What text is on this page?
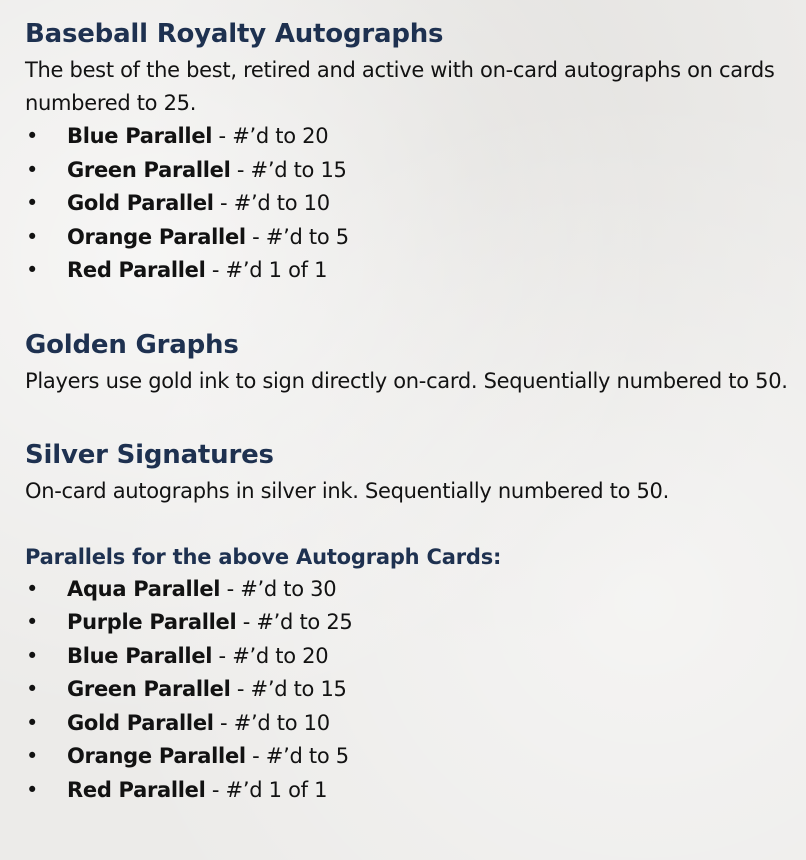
Baseball Royalty Autographs

The best of the best, retired and active with on-card autographs on cards numbered to 25.

• Blue Parallel - #’d to 20
• Green Parallel - #’d to 15
• Gold Parallel - #’d to 10
• Orange Parallel - #’d to 5
• Red Parallel - #’d 1 of 1
Golden Graphs

Players use gold ink to sign directly on-card. Sequentially numbered to 50.

Silver Signatures

On-card autographs in silver ink. Sequentially numbered to 50.

Parallels for the above Autograph Cards:
• Aqua Parallel - #’d to 30
• Purple Parallel - #’d to 25
• Blue Parallel - #’d to 20
• Green Parallel - #’d to 15
• Gold Parallel - #’d to 10
• Orange Parallel - #’d to 5
• Red Parallel - #’d 1 of 1
